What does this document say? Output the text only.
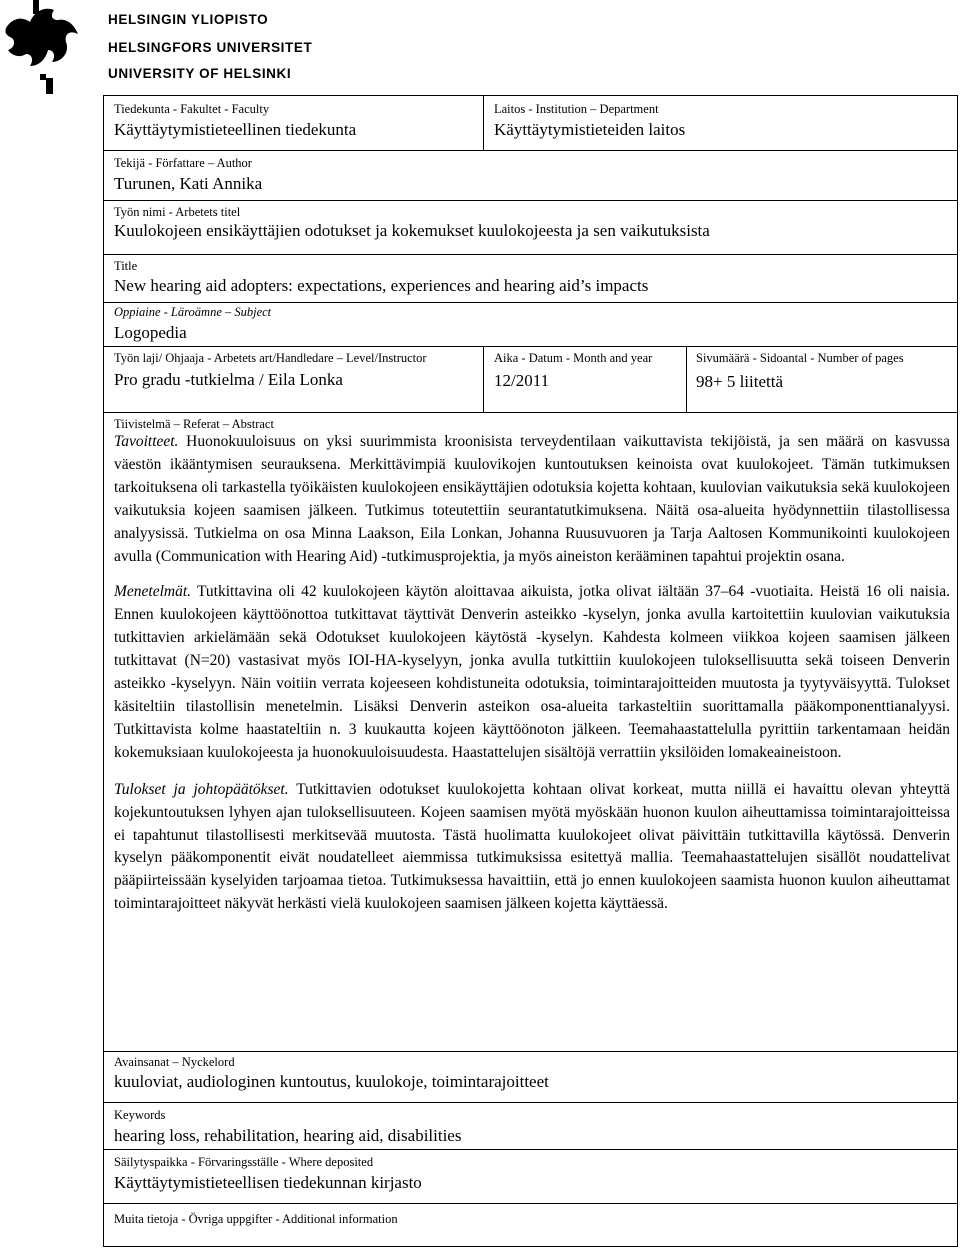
HELSINGIN YLIOPISTO
HELSINGFORS UNIVERSITET
UNIVERSITY OF HELSINKI
Tiedekunta - Fakultet - Faculty
Käyttäytymistieteellinen tiedekunta
Laitos - Institution – Department
Käyttäytymistieteiden laitos
Tekijä - Författare – Author
Turunen, Kati Annika
Työn nimi - Arbetets titel
Kuulokojeen ensikäyttäjien odotukset ja kokemukset kuulokojeesta ja sen vaikutuksista
Title
New hearing aid adopters: expectations, experiences and hearing aid’s impacts
Oppiaine - Läroämne – Subject
Logopedia
Työn laji/ Ohjaaja - Arbetets art/Handledare – Level/Instructor
Pro gradu -tutkielma / Eila Lonka
Aika - Datum - Month and year
12/2011
Sivumäärä - Sidoantal - Number of pages
98+ 5 liitettä
Tiivistelmä – Referat – Abstract

Tavoitteet. Huonokuuloisuus on yksi suurimmista kroonisista terveydentilaan vaikuttavista tekijöistä, ja sen määrä on kasvussa väestön ikääntymisen seurauksena. Merkittävimpiä kuulovikojen kuntoutuksen keinoista ovat kuulokojeet. Tämän tutkimuksen tarkoituksena oli tarkastella työikäisten kuulokojeen ensikäyttäjien odotuksia kojetta kohtaan, kuulovian vaikutuksia sekä kuulokojeen vaikutuksia kojeen saamisen jälkeen. Tutkimus toteutettiin seurantatutkimuksena. Näitä osa-alueita hyödynnettiin tilastollisessa analyysissä. Tutkielma on osa Minna Laakson, Eila Lonkan, Johanna Ruusuvuoren ja Tarja Aaltosen Kommunikointi kuulokojeen avulla (Communication with Hearing Aid) -tutkimusprojektia, ja myös aineiston kerääminen tapahtui projektin osana.

Menetelmät. Tutkittavina oli 42 kuulokojeen käytön aloittavaa aikuista, jotka olivat iältään 37–64 -vuotiaita. Heistä 16 oli naisia. Ennen kuulokojeen käyttöönottoa tutkittavat täyttivät Denverin asteikko -kyselyn, jonka avulla kartoitettiin kuulovian vaikutuksia tutkittavien arkielämään sekä Odotukset kuulokojeen käytöstä -kyselyn. Kahdesta kolmeen viikkoa kojeen saamisen jälkeen tutkittavat (N=20) vastasivat myös IOI-HA-kyselyyn, jonka avulla tutkittiin kuulokojeen tuloksellisuutta sekä toiseen Denverin asteikko -kyselyyn. Näin voitiin verrata kojeeseen kohdistuneita odotuksia, toimintarajoitteiden muutosta ja tyytyväisyyttä. Tulokset käsiteltiin tilastollisin menetelmin. Lisäksi Denverin asteikon osa-alueita tarkasteltiin suorittamalla pääkomponenttianalyysi. Tutkittavista kolme haastateltiin n. 3 kuukautta kojeen käyttöönoton jälkeen. Teemahaastattelulla pyrittiin tarkentamaan heidän kokemuksiaan kuulokojeesta ja huonokuuloisuudesta. Haastattelujen sisältöjä verrattiin yksilöiden lomakeaineistoon.

Tulokset ja johtopäätökset. Tutkittavien odotukset kuulokojetta kohtaan olivat korkeat, mutta niillä ei havaittu olevan yhteyttä kojekuntoutuksen lyhyen ajan tuloksellisuuteen. Kojeen saamisen myötä myöskään huonon kuulon aiheuttamissa toimintarajoitteissa ei tapahtunut tilastollisesti merkitsevää muutosta. Tästä huolimatta kuulokojeet olivat päivittäin tutkittavilla käytössä. Denverin kyselyn pääkomponentit eivät noudatelleet aiemmissa tutkimuksissa esitettyä mallia. Teemahaastattelujen sisällöt noudattelivat pääpiirteissään kyselyiden tarjoamaa tietoa. Tutkimuksessa havaittiin, että jo ennen kuulokojeen saamista huonon kuulon aiheuttamat toimintarajoitteet näkyvät herkästi vielä kuulokojeen saamisen jälkeen kojetta käyttäessä.

Avainsanat – Nyckelord
kuuloviat, audiologinen kuntoutus, kuulokoje, toimintarajoitteet
Keywords
hearing loss, rehabilitation, hearing aid, disabilities
Säilytyspaikka - Förvaringsställe - Where deposited
Käyttäytymistieteellisen tiedekunnan kirjasto
Muita tietoja - Övriga uppgifter - Additional information
